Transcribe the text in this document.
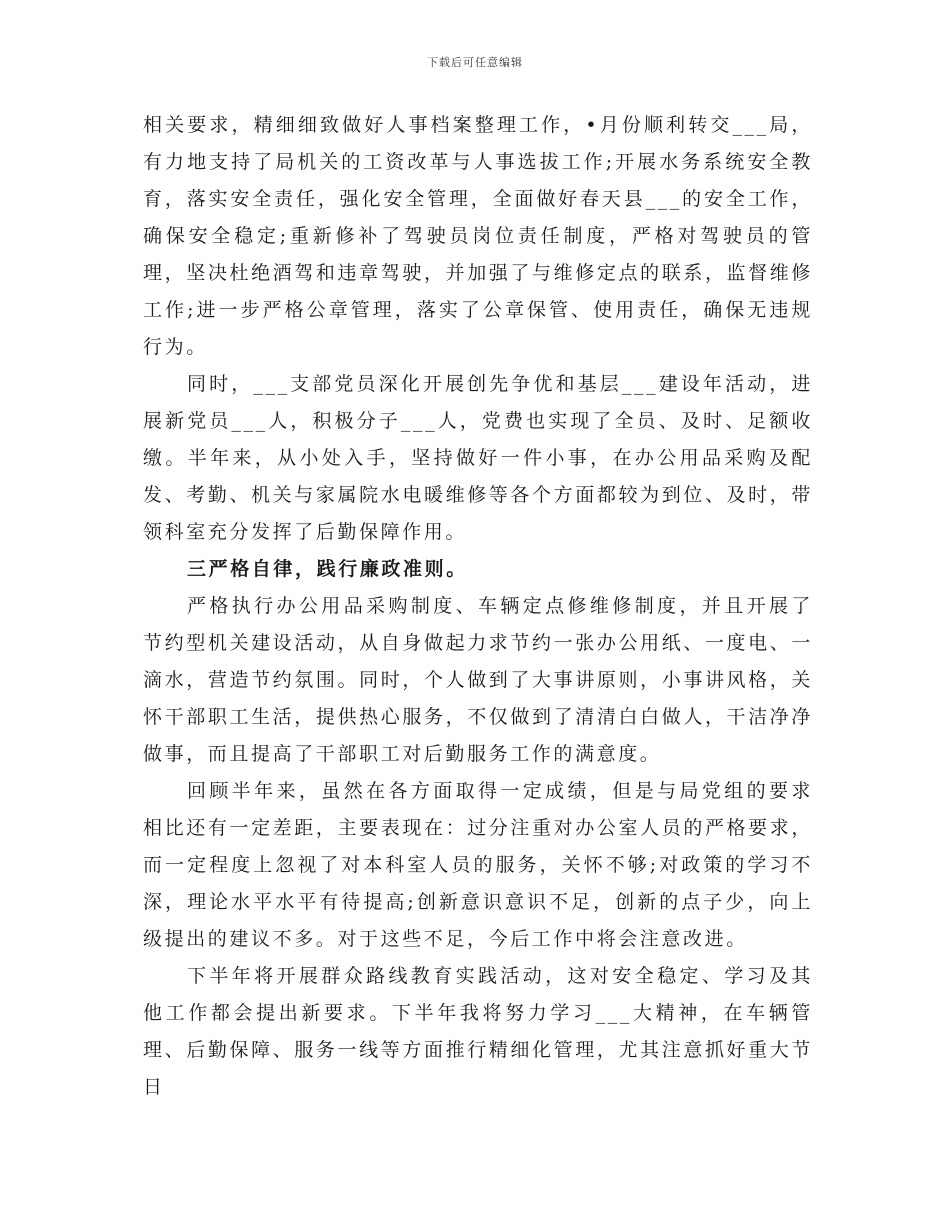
下载后可任意编辑

相关要求，精细细致做好人事档案整理工作，•月份顺利转交___局，有力地支持了局机关的工资改革与人事选拔工作;开展水务系统安全教育，落实安全责任，强化安全管理，全面做好春天县___的安全工作，确保安全稳定;重新修补了驾驶员岗位责任制度，严格对驾驶员的管理，坚决杜绝酒驾和违章驾驶，并加强了与维修定点的联系，监督维修工作;进一步严格公章管理，落实了公章保管、使用责任，确保无违规行为。

同时，___支部党员深化开展创先争优和基层___建设年活动，进展新党员___人，积极分子___人，党费也实现了全员、及时、足额收缴。半年来，从小处入手，坚持做好一件小事，在办公用品采购及配发、考勤、机关与家属院水电暖维修等各个方面都较为到位、及时，带领科室充分发挥了后勤保障作用。

三严格自律，践行廉政准则。

严格执行办公用品采购制度、车辆定点修维修制度，并且开展了节约型机关建设活动，从自身做起力求节约一张办公用纸、一度电、一滴水，营造节约氛围。同时，个人做到了大事讲原则，小事讲风格，关怀干部职工生活，提供热心服务，不仅做到了清清白白做人，干洁净净做事，而且提高了干部职工对后勤服务工作的满意度。

回顾半年来，虽然在各方面取得一定成绩，但是与局党组的要求相比还有一定差距，主要表现在：过分注重对办公室人员的严格要求，而一定程度上忽视了对本科室人员的服务，关怀不够;对政策的学习不深，理论水平水平有待提高;创新意识意识不足，创新的点子少，向上级提出的建议不多。对于这些不足，今后工作中将会注意改进。

下半年将开展群众路线教育实践活动，这对安全稳定、学习及其他工作都会提出新要求。下半年我将努力学习___大精神，在车辆管理、后勤保障、服务一线等方面推行精细化管理，尤其注意抓好重大节日
